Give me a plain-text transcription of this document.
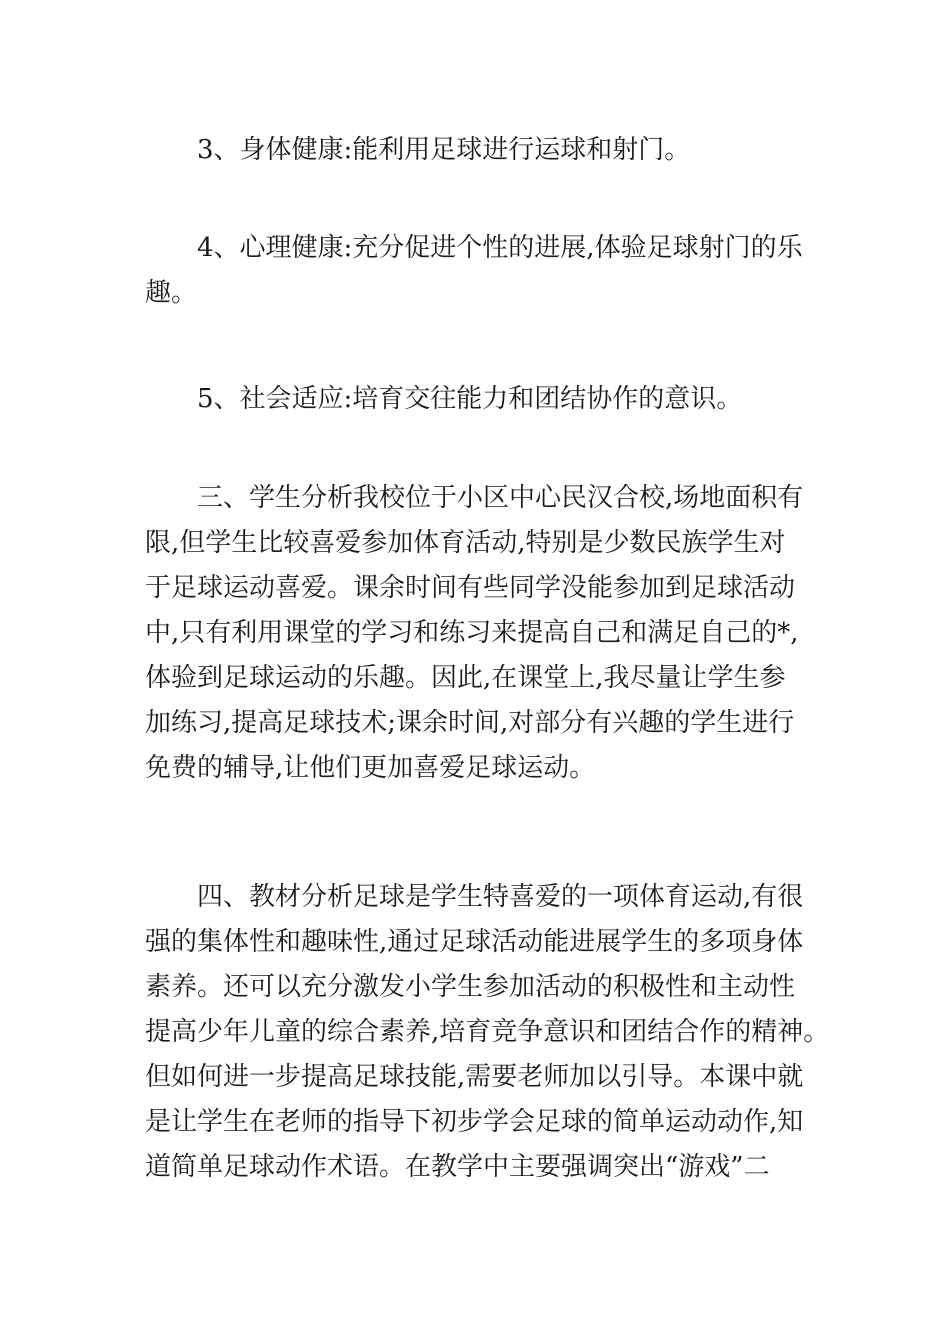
3、身体健康:能利用足球进行运球和射门。

4、心理健康:充分促进个性的进展,体验足球射门的乐
趣。

5、社会适应:培育交往能力和团结协作的意识。

三、学生分析我校位于小区中心民汉合校,场地面积有
限,但学生比较喜爱参加体育活动,特别是少数民族学生对
于足球运动喜爱。课余时间有些同学没能参加到足球活动
中,只有利用课堂的学习和练习来提高自己和满足自己的*,
体验到足球运动的乐趣。因此,在课堂上,我尽量让学生参
加练习,提高足球技术;课余时间,对部分有兴趣的学生进行
免费的辅导,让他们更加喜爱足球运动。

四、教材分析足球是学生特喜爱的一项体育运动,有很
强的集体性和趣味性,通过足球活动能进展学生的多项身体
素养。还可以充分激发小学生参加活动的积极性和主动性
提高少年儿童的综合素养,培育竞争意识和团结合作的精神。
但如何进一步提高足球技能,需要老师加以引导。本课中就
是让学生在老师的指导下初步学会足球的简单运动动作,知
道简单足球动作术语。在教学中主要强调突出“游戏”二
